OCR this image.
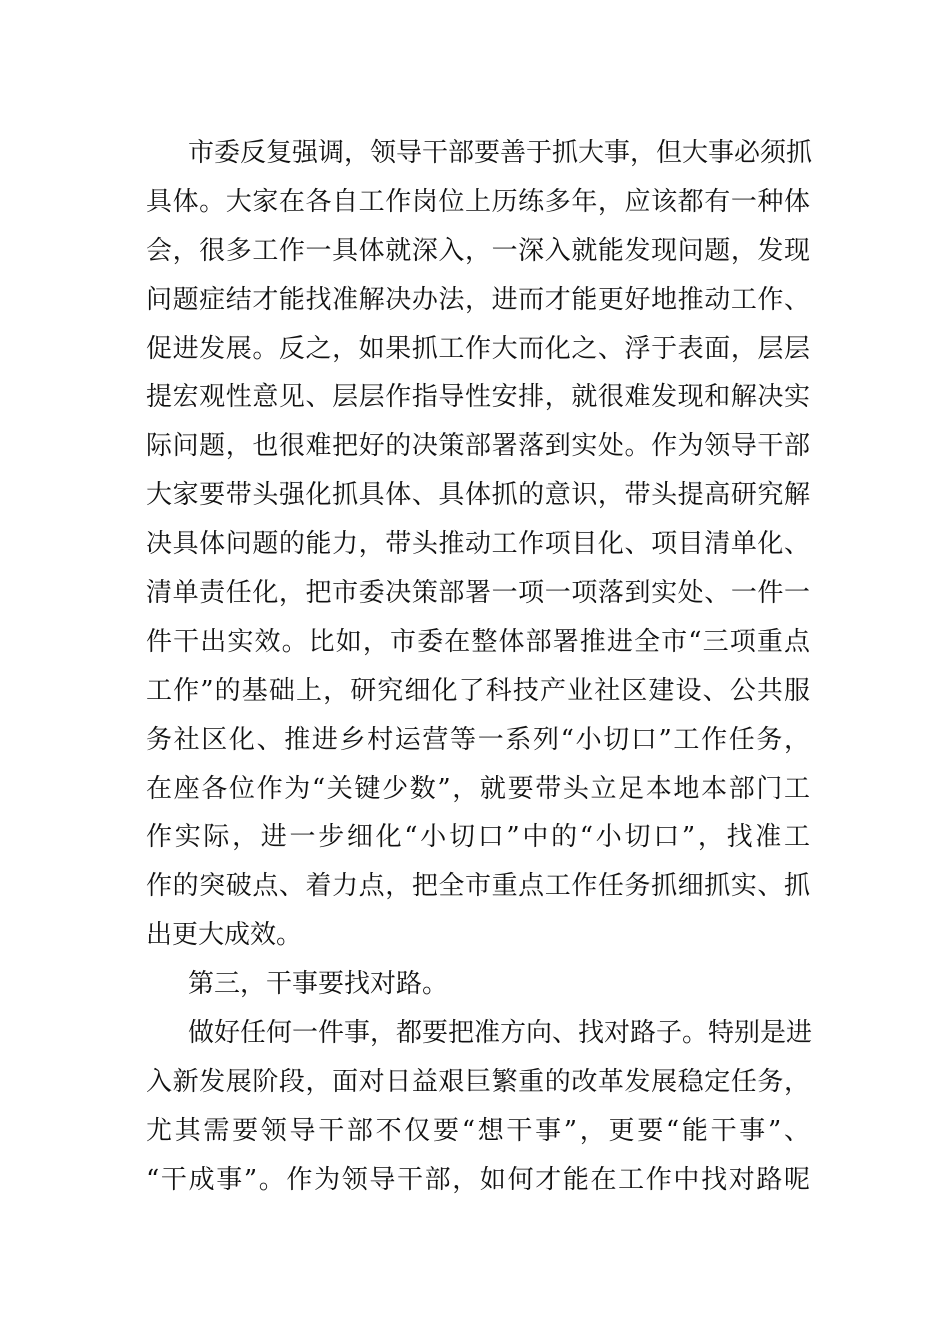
市委反复强调，领导干部要善于抓大事，但大事必须抓
具体。大家在各自工作岗位上历练多年，应该都有一种体
会，很多工作一具体就深入，一深入就能发现问题，发现
问题症结才能找准解决办法，进而才能更好地推动工作、
促进发展。反之，如果抓工作大而化之、浮于表面，层层
提宏观性意见、层层作指导性安排，就很难发现和解决实
际问题，也很难把好的决策部署落到实处。作为领导干部
大家要带头强化抓具体、具体抓的意识，带头提高研究解
决具体问题的能力，带头推动工作项目化、项目清单化、
清单责任化，把市委决策部署一项一项落到实处、一件一
件干出实效。比如，市委在整体部署推进全市“三项重点
工作”的基础上，研究细化了科技产业社区建设、公共服
务社区化、推进乡村运营等一系列“小切口”工作任务，
在座各位作为“关键少数”，就要带头立足本地本部门工
作实际，进一步细化“小切口”中的“小切口”，找准工
作的突破点、着力点，把全市重点工作任务抓细抓实、抓
出更大成效。
第三，干事要找对路。
做好任何一件事，都要把准方向、找对路子。特别是进
入新发展阶段，面对日益艰巨繁重的改革发展稳定任务，
尤其需要领导干部不仅要“想干事”，更要“能干事”、
“干成事”。作为领导干部，如何才能在工作中找对路呢
